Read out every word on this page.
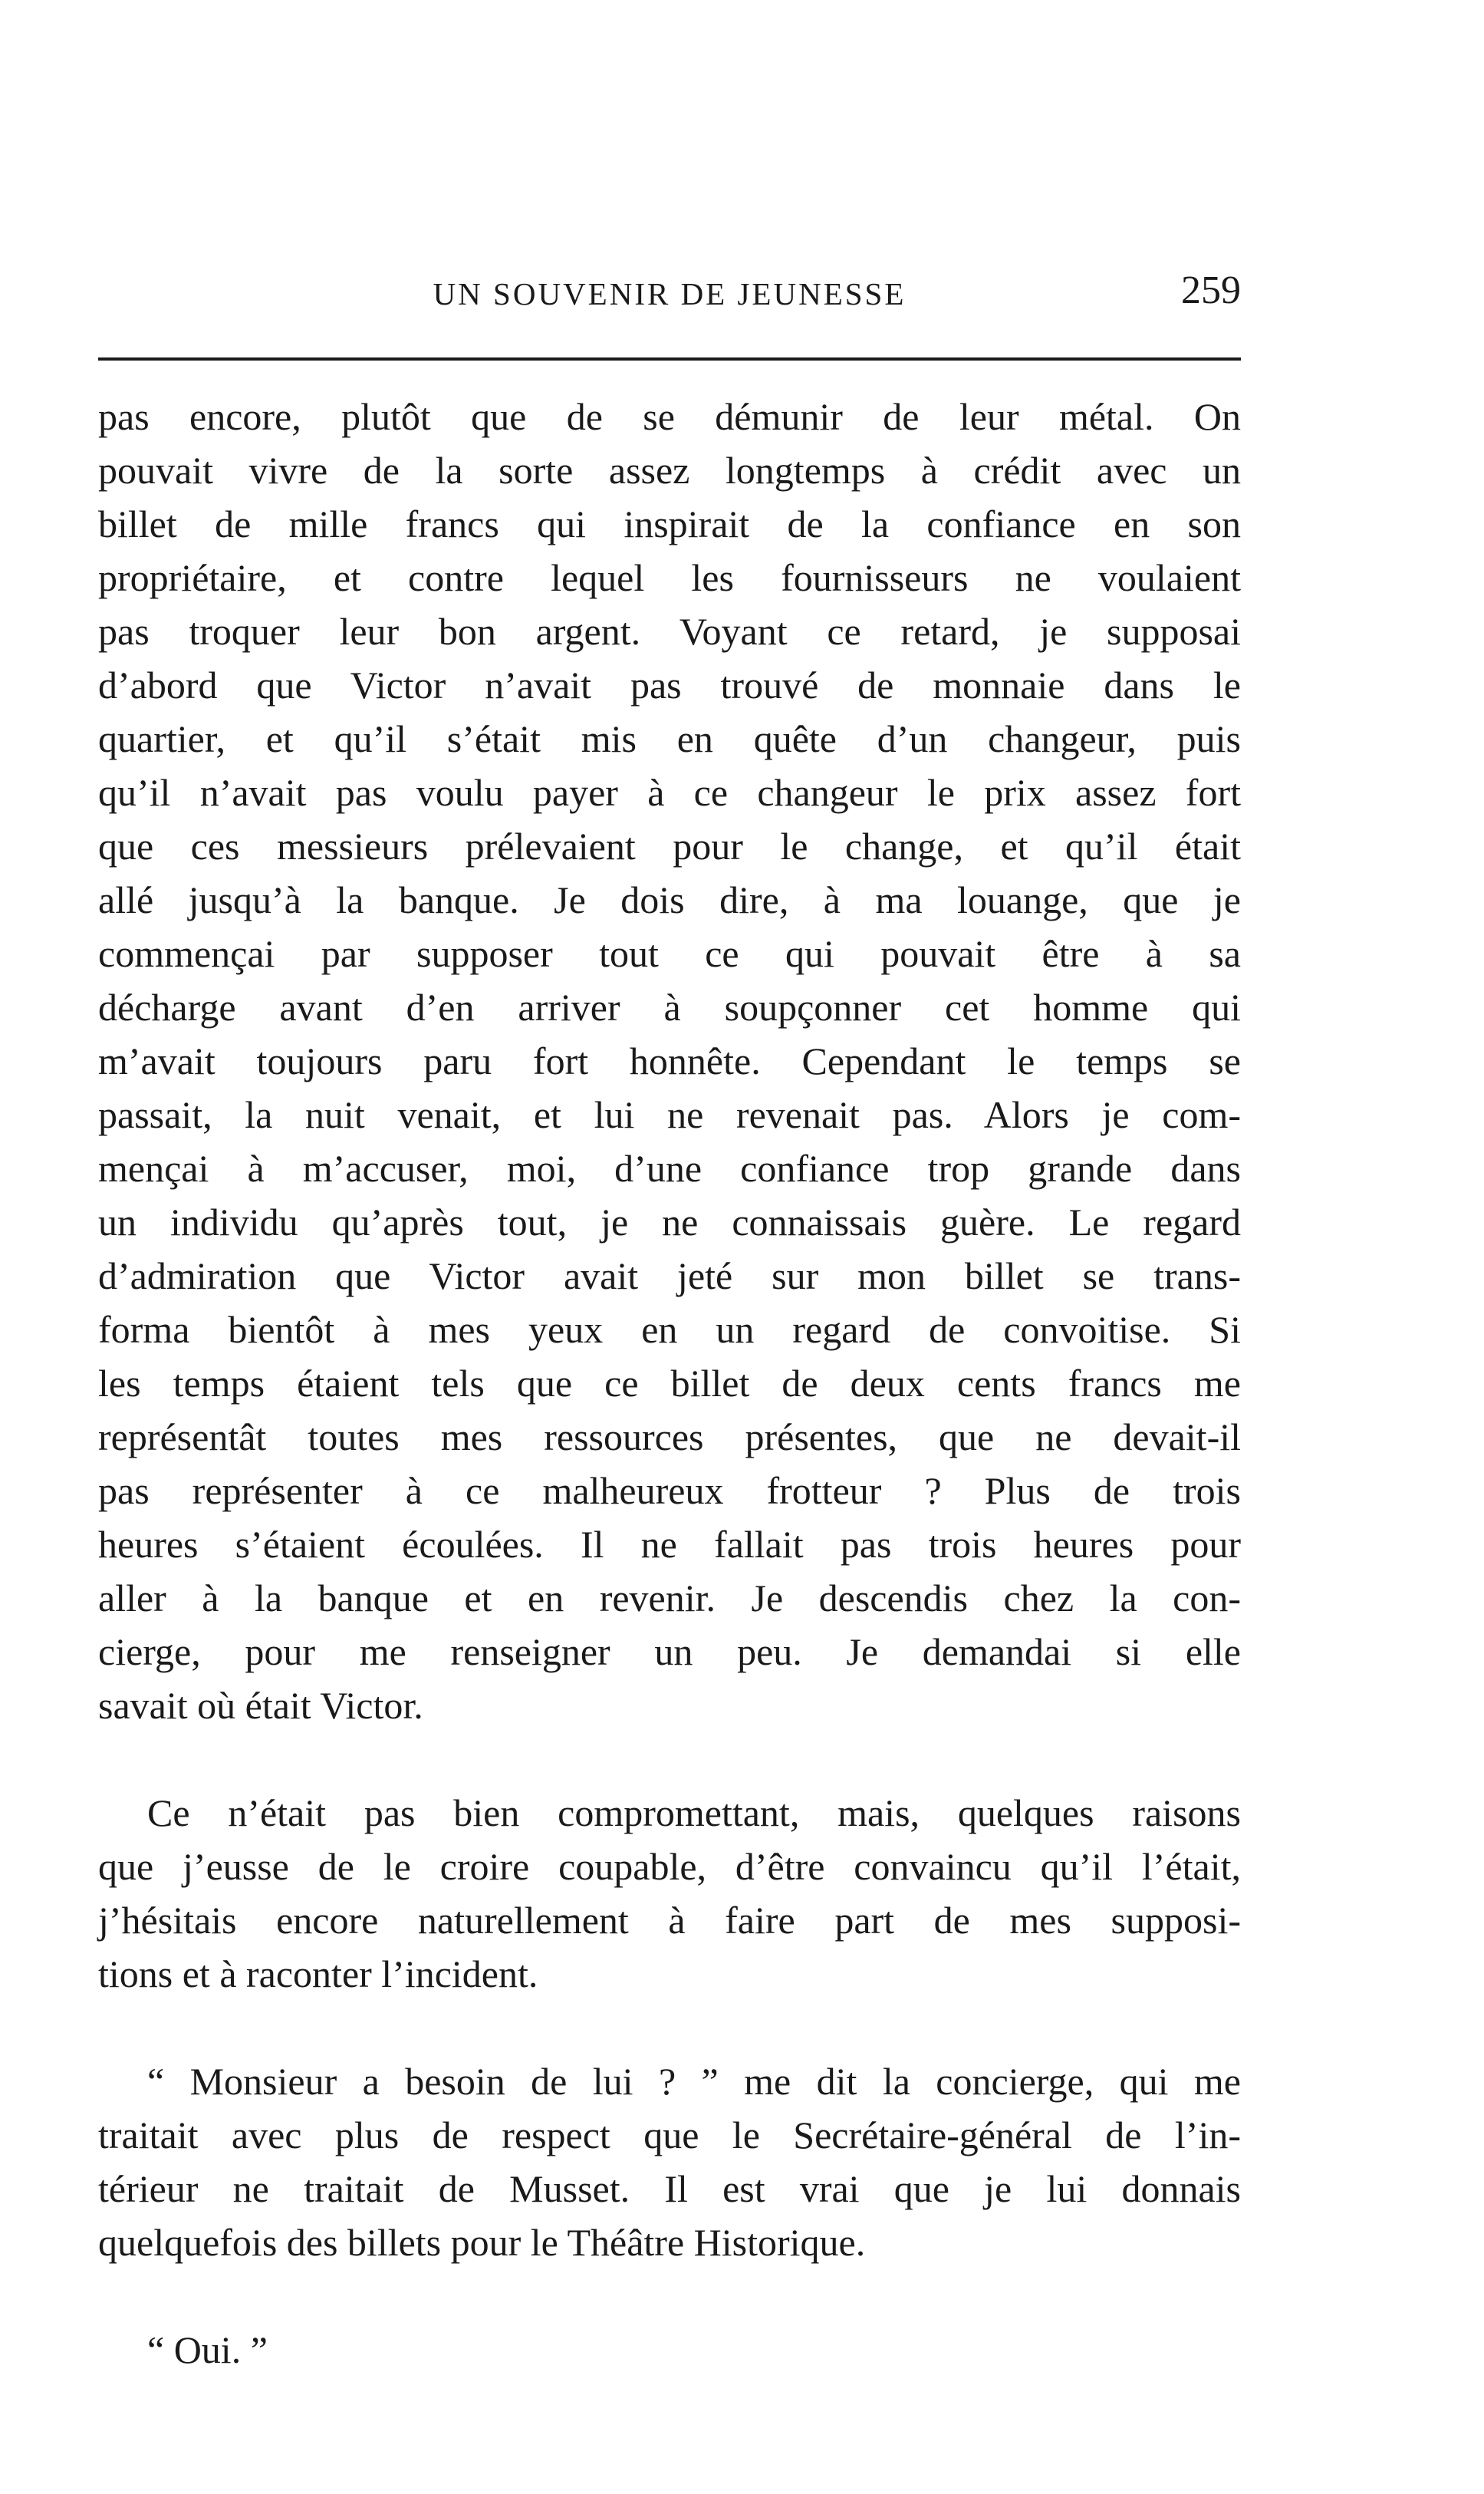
UN SOUVENIR DE JEUNESSE	259
pas encore, plutôt que de se démunir de leur métal. On
pouvait vivre de la sorte assez longtemps à crédit avec un
billet de mille francs qui inspirait de la confiance en son
propriétaire, et contre lequel les fournisseurs ne voulaient
pas troquer leur bon argent. Voyant ce retard, je supposai
d’abord que Victor n’avait pas trouvé de monnaie dans le
quartier, et qu’il s’était mis en quête d’un changeur, puis
qu’il n’avait pas voulu payer à ce changeur le prix assez fort
que ces messieurs prélevaient pour le change, et qu’il était
allé jusqu’à la banque. Je dois dire, à ma louange, que je
commençai par supposer tout ce qui pouvait être à sa
décharge avant d’en arriver à soupçonner cet homme qui
m’avait toujours paru fort honnête. Cependant le temps se
passait, la nuit venait, et lui ne revenait pas. Alors je com-
mençai à m’accuser, moi, d’une confiance trop grande dans
un individu qu’après tout, je ne connaissais guère. Le regard
d’admiration que Victor avait jeté sur mon billet se trans-
forma bientôt à mes yeux en un regard de convoitise. Si
les temps étaient tels que ce billet de deux cents francs me
représentât toutes mes ressources présentes, que ne devait-il
pas représenter à ce malheureux frotteur ? Plus de trois
heures s’étaient écoulées. Il ne fallait pas trois heures pour
aller à la banque et en revenir. Je descendis chez la con-
cierge, pour me renseigner un peu. Je demandai si elle
savait où était Victor.
Ce n’était pas bien compromettant, mais, quelques raisons
que j’eusse de le croire coupable, d’être convaincu qu’il l’était,
j’hésitais encore naturellement à faire part de mes supposi-
tions et à raconter l’incident.
“ Monsieur a besoin de lui ? ” me dit la concierge, qui me
traitait avec plus de respect que le Secrétaire-général de l’in-
térieur ne traitait de Musset. Il est vrai que je lui donnais
quelquefois des billets pour le Théâtre Historique.
“ Oui. ”
